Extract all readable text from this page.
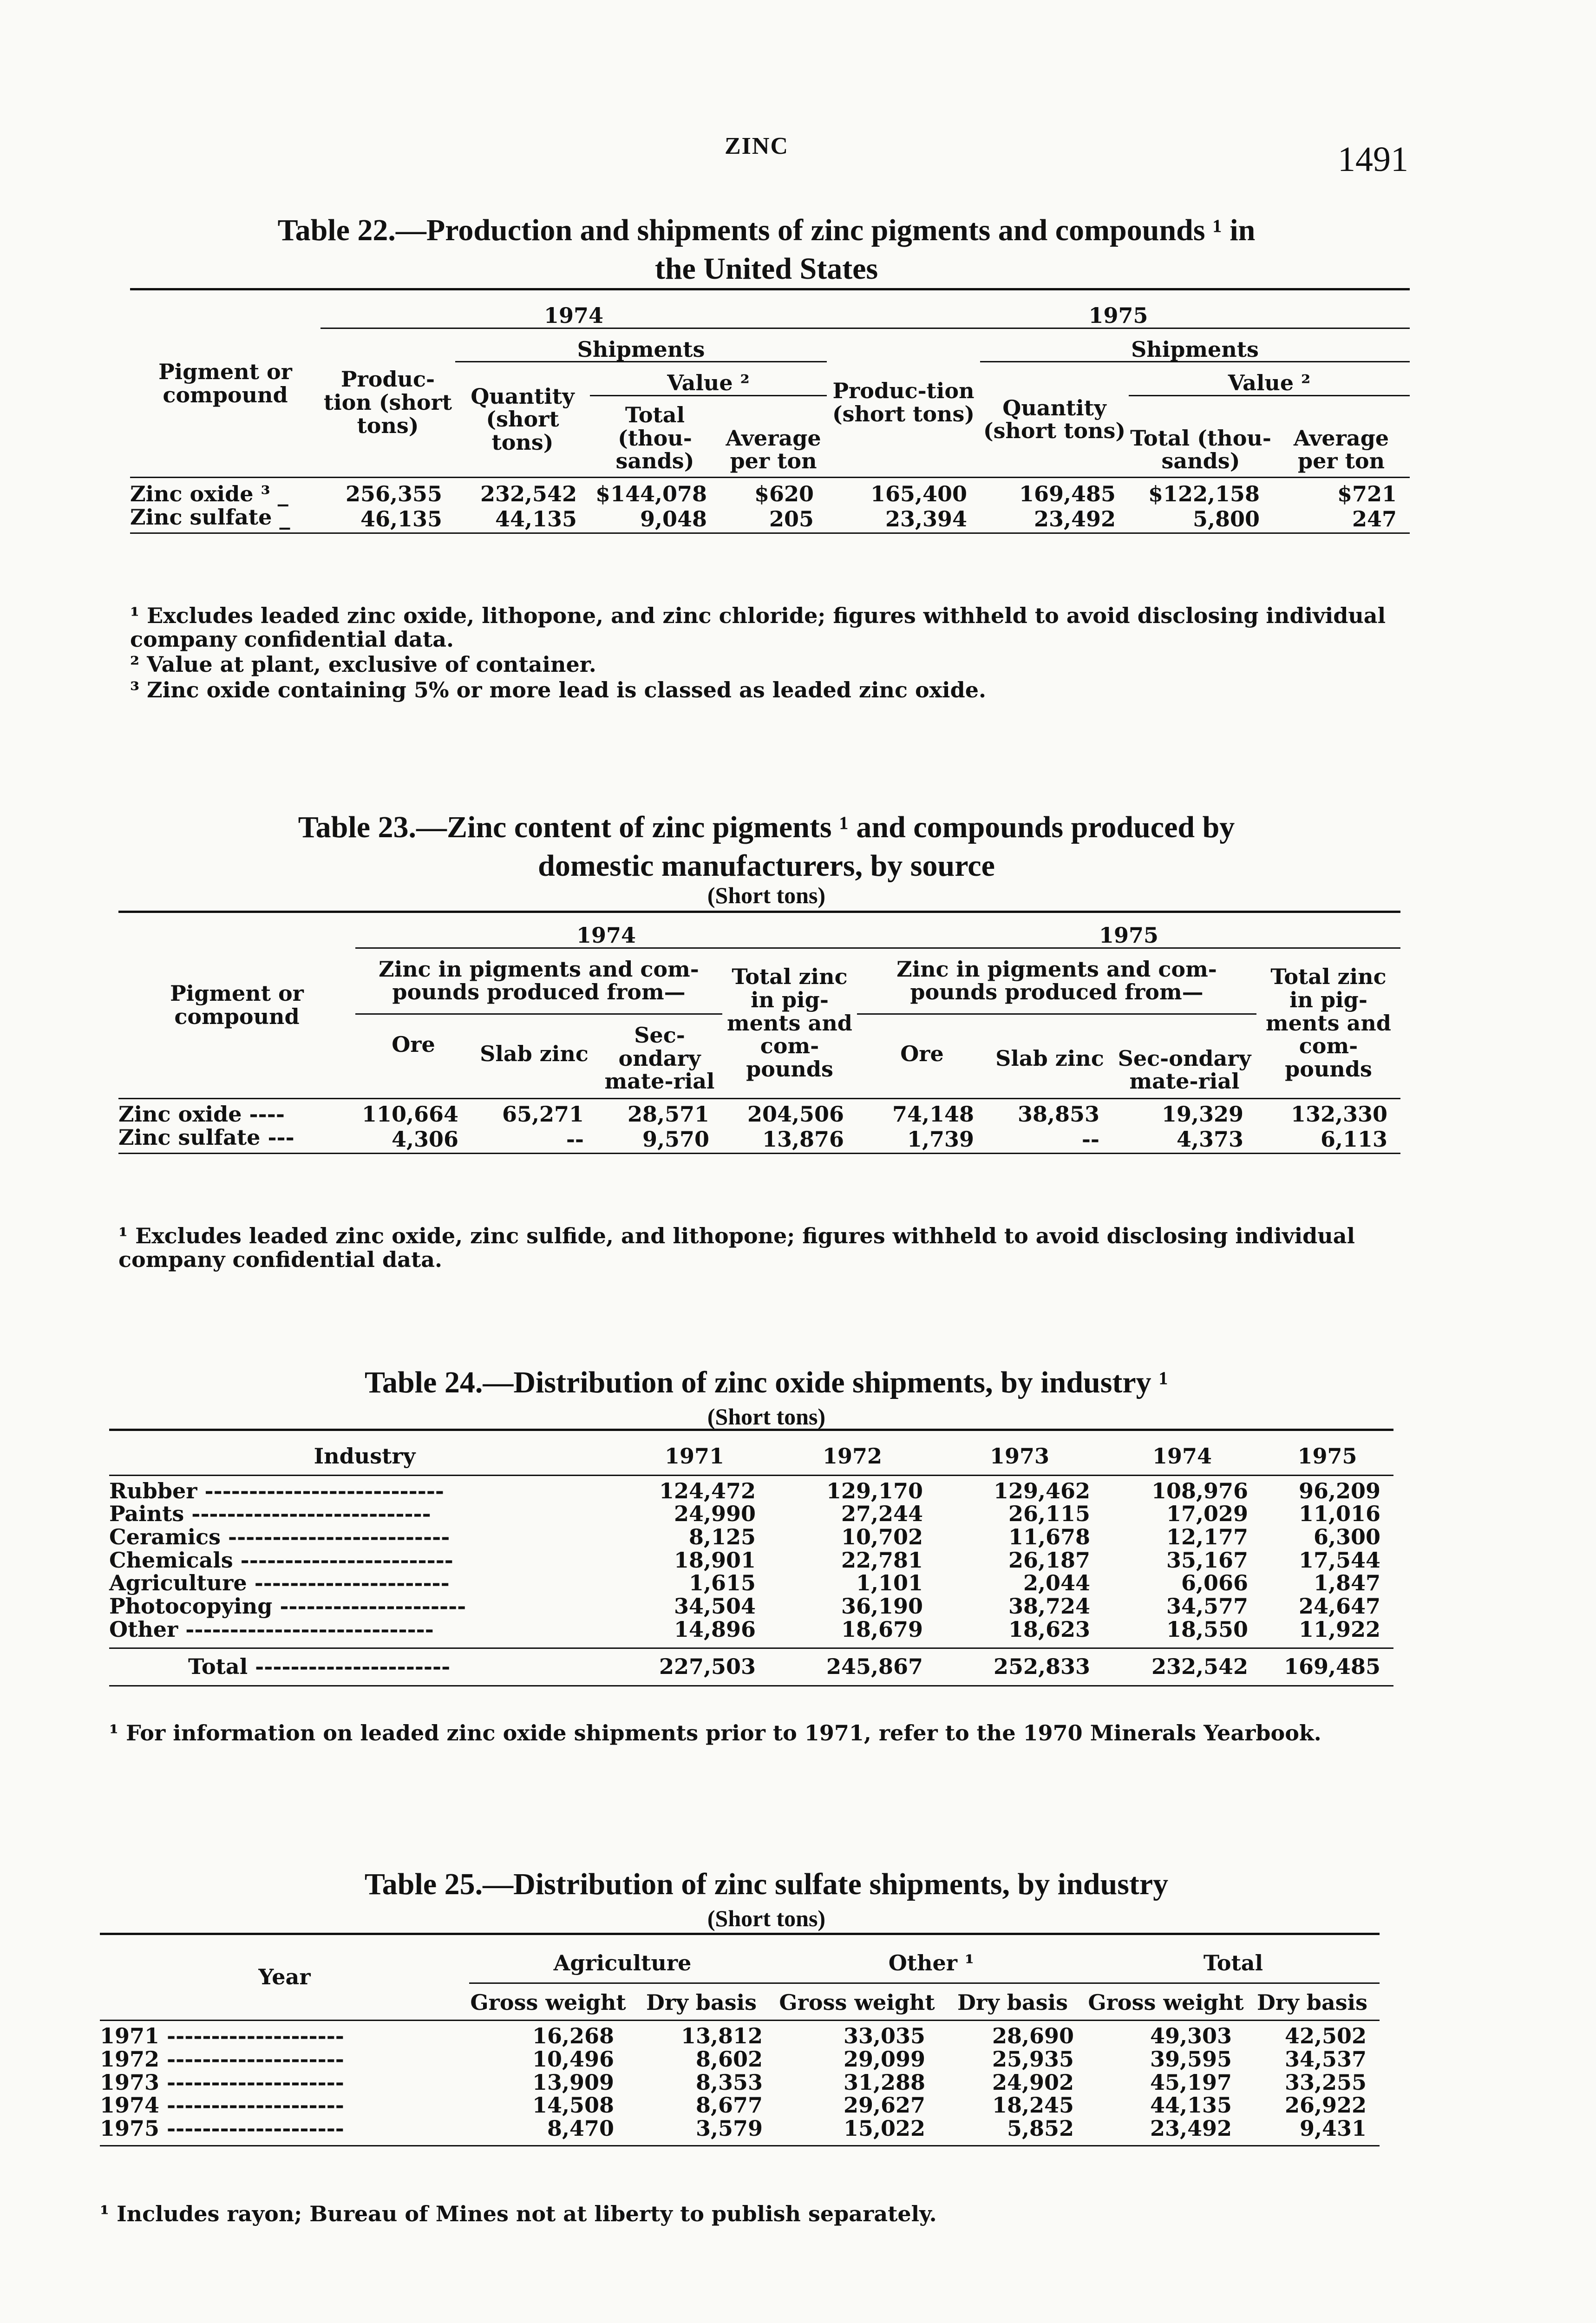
ZINC	1491
Table 22.—Production and shipments of zinc pigments and compounds ¹ in
the United States
Pigment or compound	1974				1975			
	Produc-tion (short tons)	Shipments			Produc-tion (short tons)	Shipments		
		Quantity (short tons)	Value ²			Quantity (short tons)	Value ²	
			Total (thou-sands)	Average per ton			Total (thou-sands)	Average per ton
Zinc oxide ³ _	256,355	232,542	$144,078	$620	165,400	169,485	$122,158	$721
Zinc sulfate _	46,135	44,135	9,048	205	23,394	23,492	5,800	247
¹ Excludes leaded zinc oxide, lithopone, and zinc chloride; figures withheld to avoid disclosing individual company confidential data.
² Value at plant, exclusive of container.
³ Zinc oxide containing 5% or more lead is classed as leaded zinc oxide.
Table 23.—Zinc content of zinc pigments ¹ and compounds produced by
domestic manufacturers, by source
(Short tons)
Pigment or compound	1974				1975			
	Zinc in pigments and com-pounds produced from—			Total zinc in pig-ments and com-pounds	Zinc in pigments and com-pounds produced from—			Total zinc in pig-ments and com-pounds
	Ore	Slab zinc	Sec-ondary mate-rial		Ore	Slab zinc	Sec-ondary mate-rial	
Zinc oxide ----	110,664	65,271	28,571	204,506	74,148	38,853	19,329	132,330
Zinc sulfate ---	4,306	--	9,570	13,876	1,739	--	4,373	6,113
¹ Excludes leaded zinc oxide, zinc sulfide, and lithopone; figures withheld to avoid disclosing individual company confidential data.
Table 24.—Distribution of zinc oxide shipments, by industry ¹
(Short tons)
Industry	1971	1972	1973	1974	1975
Rubber ---------------------------	124,472	129,170	129,462	108,976	96,209
Paints ---------------------------	24,990	27,244	26,115	17,029	11,016
Ceramics -------------------------	8,125	10,702	11,678	12,177	6,300
Chemicals ------------------------	18,901	22,781	26,187	35,167	17,544
Agriculture ----------------------	1,615	1,101	2,044	6,066	1,847
Photocopying ---------------------	34,504	36,190	38,724	34,577	24,647
Other ----------------------------	14,896	18,679	18,623	18,550	11,922
Total ----------------------	227,503	245,867	252,833	232,542	169,485
¹ For information on leaded zinc oxide shipments prior to 1971, refer to the 1970 Minerals Yearbook.
Table 25.—Distribution of zinc sulfate shipments, by industry
(Short tons)
Year	Agriculture		Other ¹		Total	
	Gross weight	Dry basis	Gross weight	Dry basis	Gross weight	Dry basis
1971 --------------------	16,268	13,812	33,035	28,690	49,303	42,502
1972 --------------------	10,496	8,602	29,099	25,935	39,595	34,537
1973 --------------------	13,909	8,353	31,288	24,902	45,197	33,255
1974 --------------------	14,508	8,677	29,627	18,245	44,135	26,922
1975 --------------------	8,470	3,579	15,022	5,852	23,492	9,431
¹ Includes rayon; Bureau of Mines not at liberty to publish separately.
